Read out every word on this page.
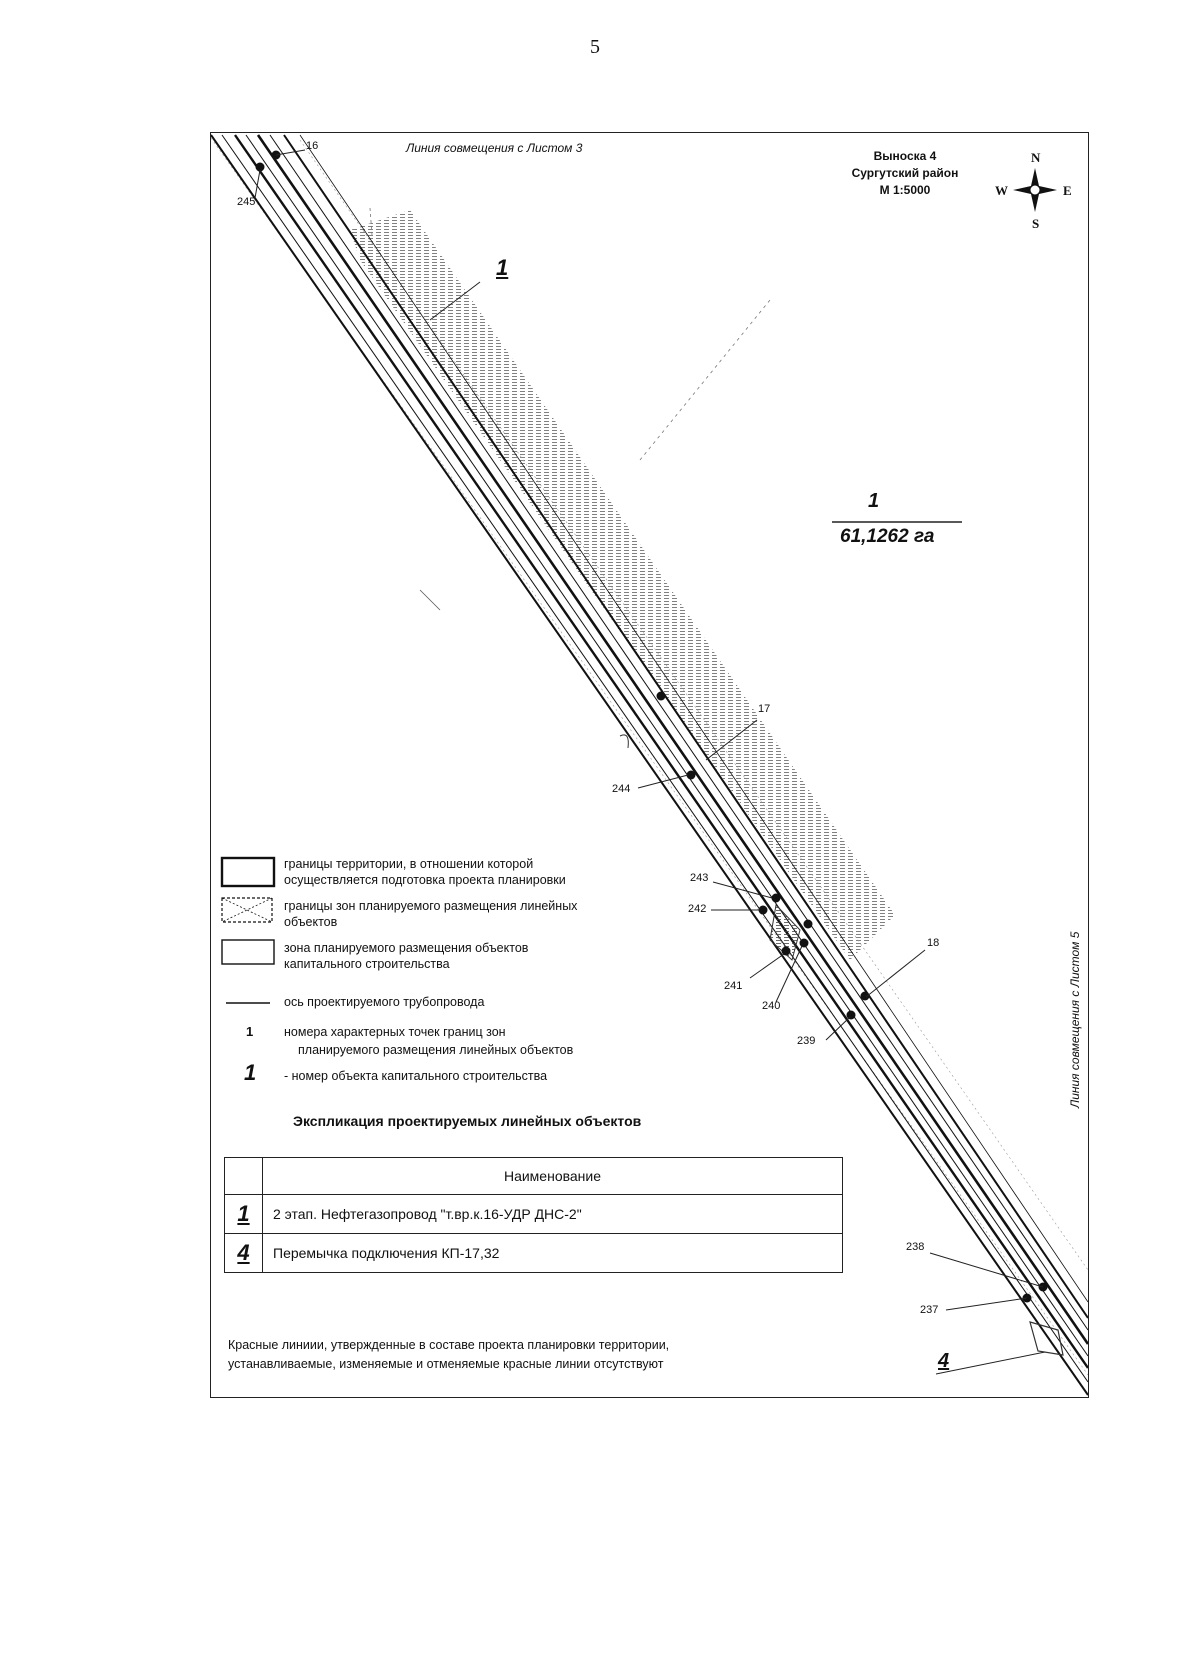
5
Линия совмещения с Листом 3
Линия совмещения с Листом 5
Выноска 4
Сургутский район
М 1:5000
N
E
S
W
1
1
61,1262 га
4
16
245
17
244
243
242
18
241
240
239
238
237
границы территории, в отношении которой
осуществляется подготовка проекта планировки
границы зон планируемого размещения линейных
объектов
зона планируемого размещения объектов
капитального строительства
ось проектируемого трубопровода
1 номера характерных точек границ зон
планируемого размещения линейных объектов
1 - номер объекта капитального строительства
Экспликация проектируемых линейных объектов
	Наименование
1	2 этап. Нефтегазопровод "т.вр.к.16-УДР ДНС-2"
4	Перемычка подключения КП-17,32
Красные линиии, утвержденные в составе проекта планировки территории,
устанавливаемые, изменяемые и отменяемые красные линии отсутствуют
